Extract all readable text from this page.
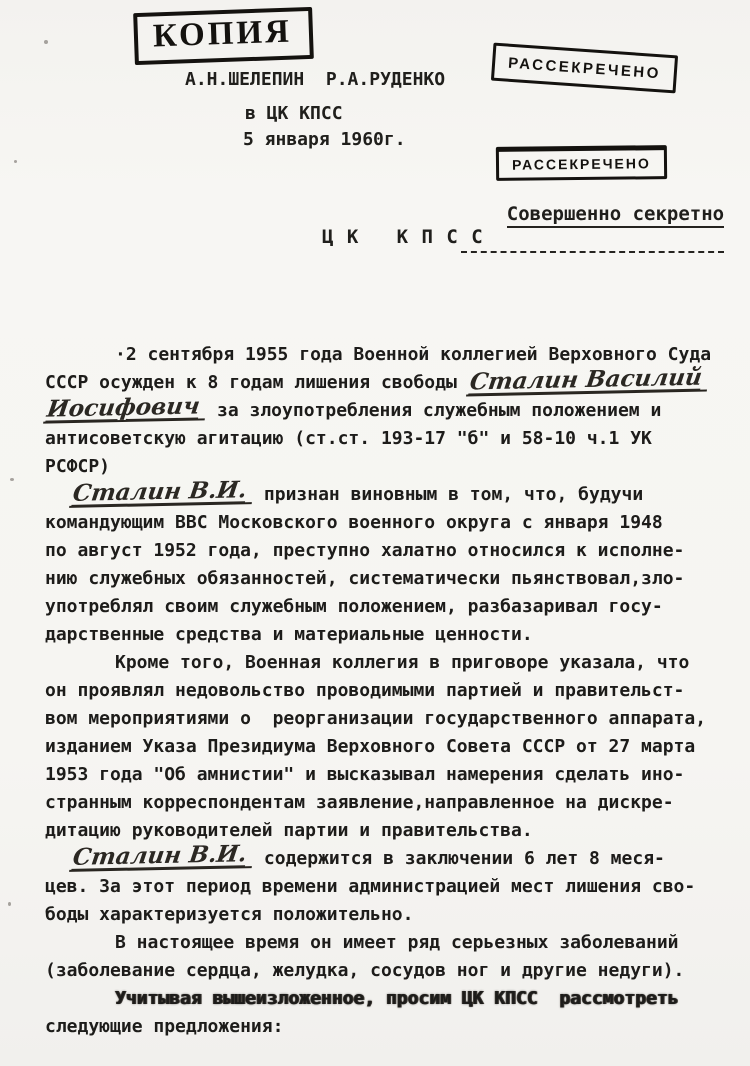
КОПИЯ
РАССЕКРЕЧЕНО
А.Н.ШЕЛЕПИН  Р.А.РУДЕНКО
в ЦК КПСС
5 января 1960г.
РАССЕКРЕЧЕНО

Совершенно секретно

Ц К   К П С С
·2 сентября 1955 года Военной коллегией Верховного Суда
СССР осужден к 8 годам лишения свободы Сталин Василий
Иосифович за злоупотребления служебным положением и
антисоветскую агитацию (ст.ст. 193-17 "б" и 58-10 ч.1 УК
РСФСР)
Сталин В.И. признан виновным в том, что, будучи
командующим ВВС Московского военного округа с января 1948
по август 1952 года, преступно халатно относился к исполне-
нию служебных обязанностей, систематически пьянствовал,зло-
употреблял своим служебным положением, разбазаривал госу-
дарственные средства и материальные ценности.
Кроме того, Военная коллегия в приговоре указала, что
он проявлял недовольство проводимыми партией и правительст-
вом мероприятиями о  реорганизации государственного аппарата,
изданием Указа Президиума Верховного Совета СССР от 27 марта
1953 года "Об амнистии" и высказывал намерения сделать ино-
странным корреспондентам заявление,направленное на дискре-
дитацию руководителей партии и правительства.
Сталин В.И. содержится в заключении 6 лет 8 меся-
цев. За этот период времени администрацией мест лишения сво-
боды характеризуется положительно.
В настоящее время он имеет ряд серьезных заболеваний
(заболевание сердца, желудка, сосудов ног и другие недуги).
Учитывая вышеизложенное, просим ЦК КПСС  рассмотреть
следующие предложения:
